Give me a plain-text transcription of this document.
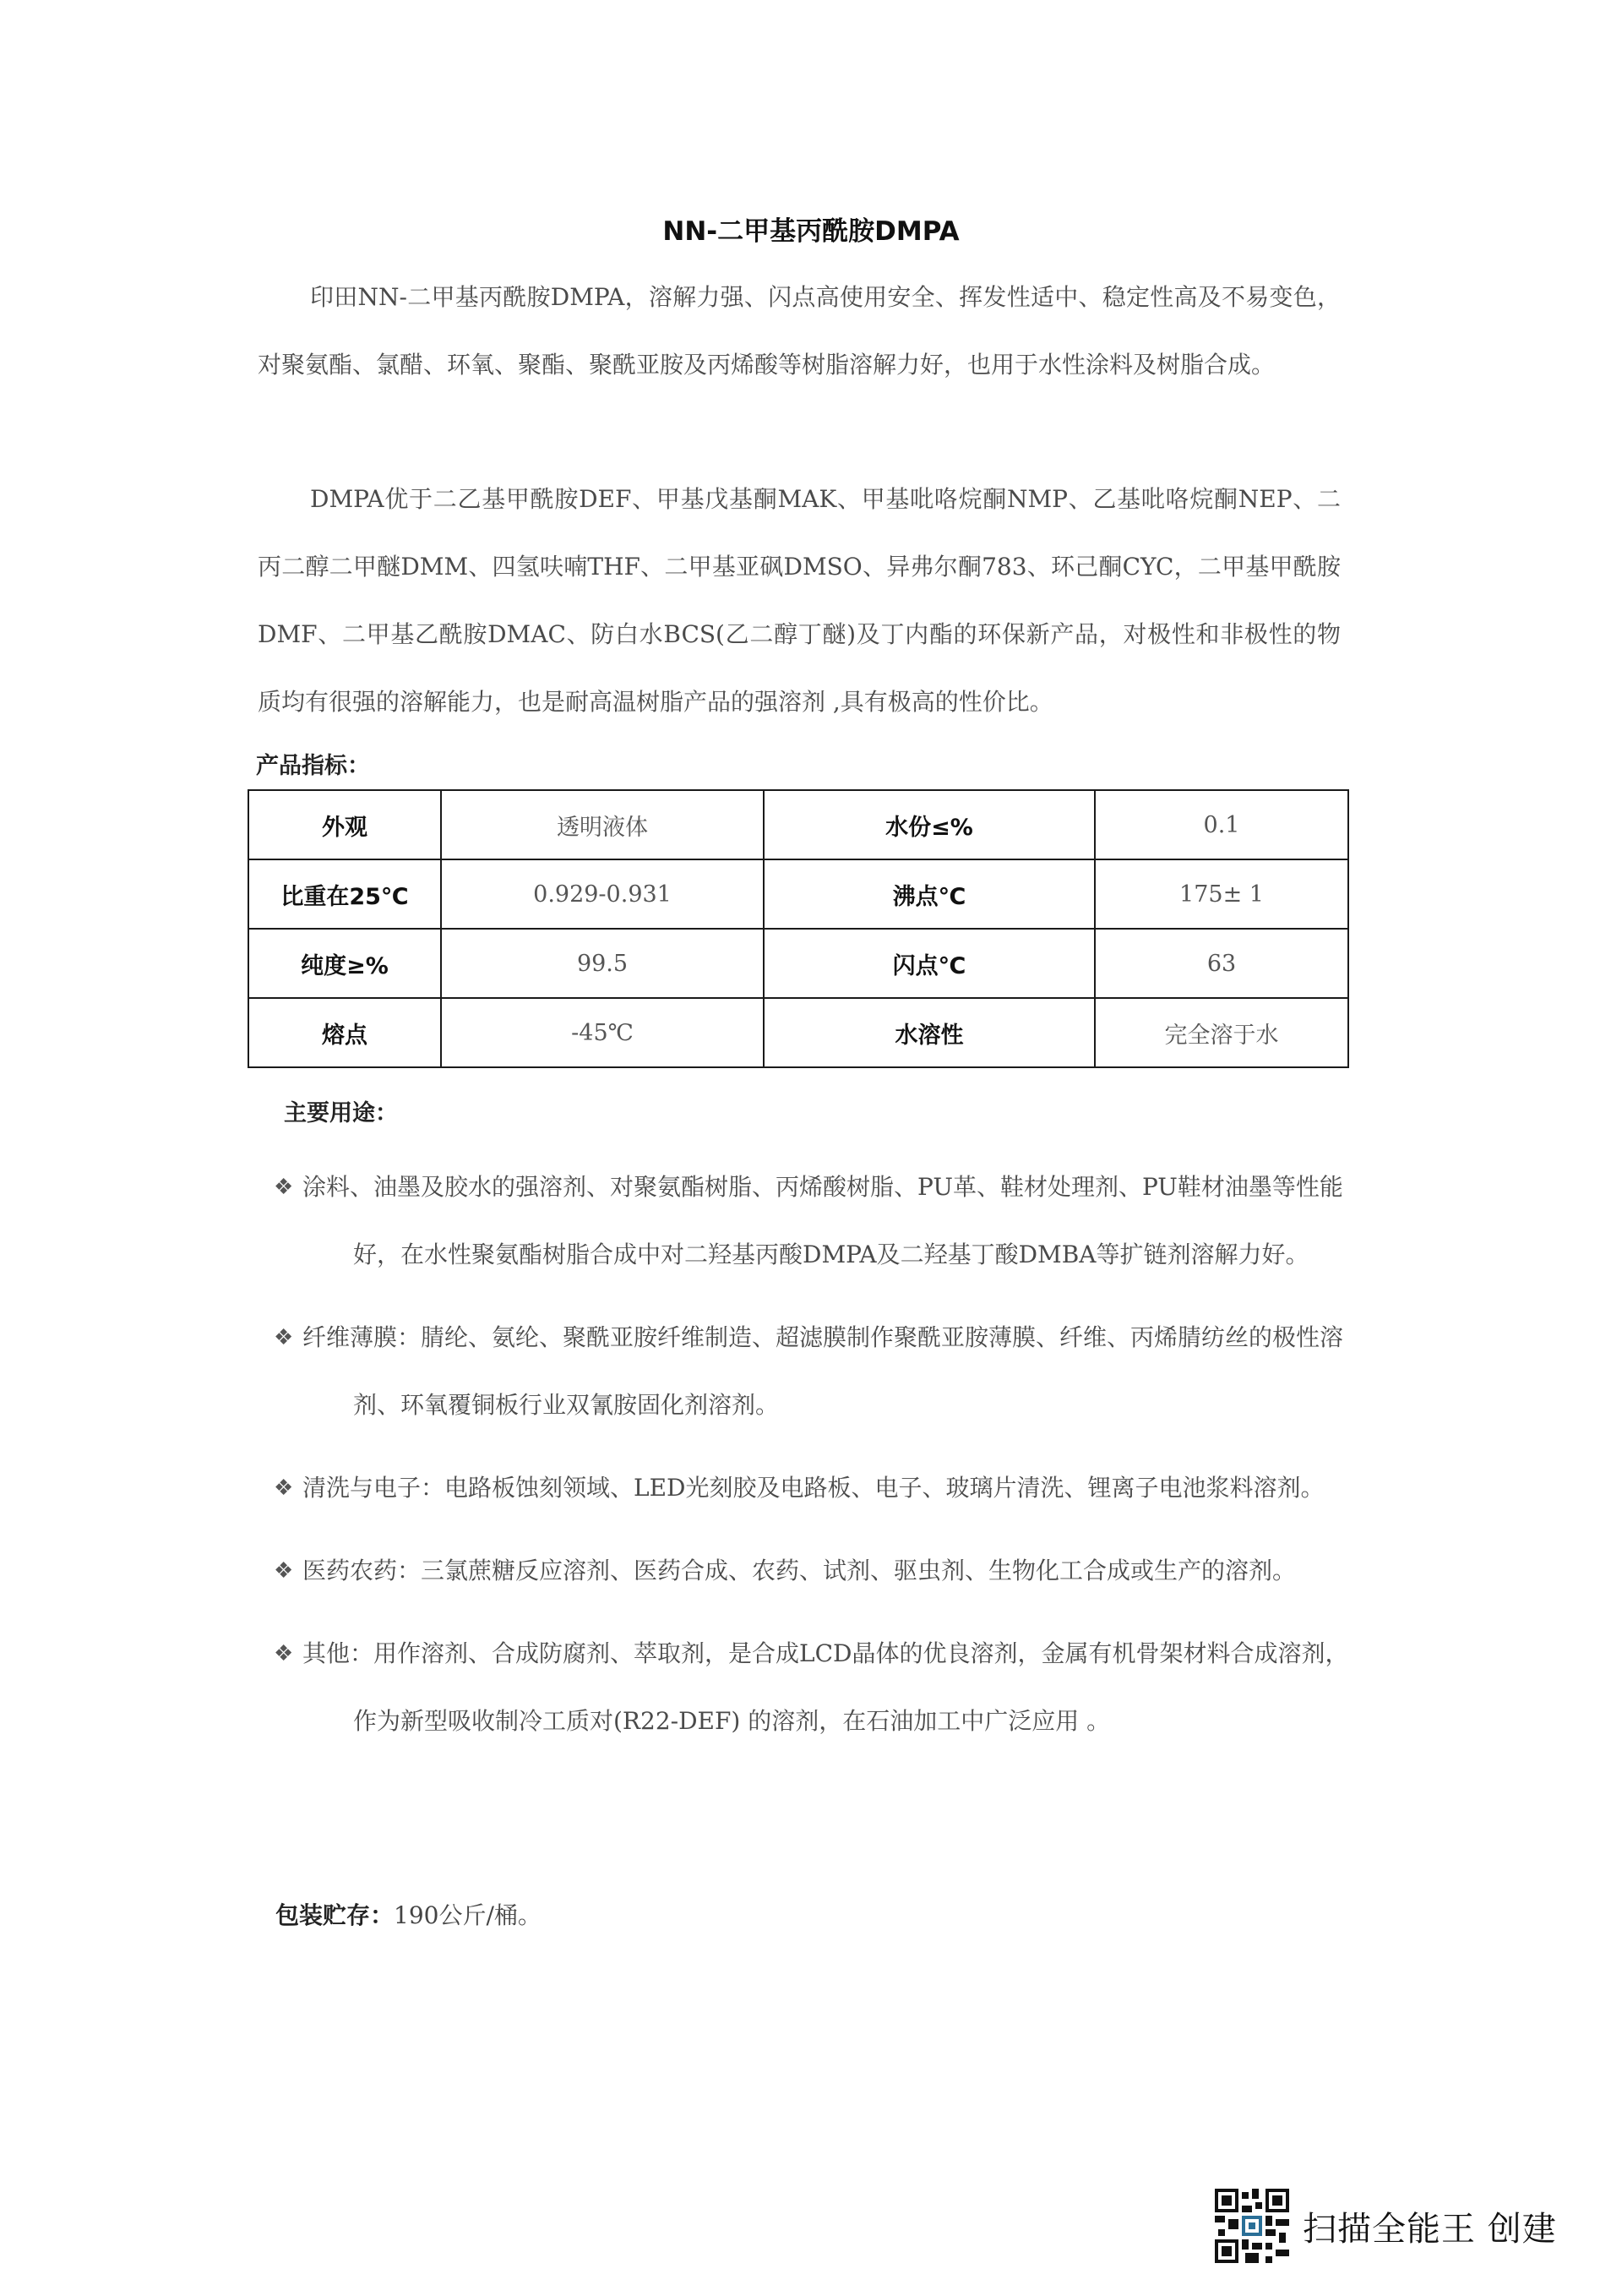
NN-二甲基丙酰胺DMPA

印田NN-二甲基丙酰胺DMPA，溶解力强、闪点高使用安全、挥发性适中、稳定性高及不易变色，对聚氨酯、氯醋、环氧、聚酯、聚酰亚胺及丙烯酸等树脂溶解力好，也用于水性涂料及树脂合成。

DMPA优于二乙基甲酰胺DEF、甲基戊基酮MAK、甲基吡咯烷酮NMP、乙基吡咯烷酮NEP、二丙二醇二甲醚DMM、四氢呋喃THF、二甲基亚砜DMSO、异弗尔酮783、环己酮CYC，二甲基甲酰胺DMF、二甲基乙酰胺DMAC、防白水BCS(乙二醇丁醚)及丁内酯的环保新产品，对极性和非极性的物质均有很强的溶解能力，也是耐高温树脂产品的强溶剂 ,具有极高的性价比。

产品指标：
外观	透明液体	水份≤%	0.1
比重在25℃	0.929-0.931	沸点℃	175± 1
纯度≥%	99.5	闪点℃	63
熔点	-45℃	水溶性	完全溶于水
主要用途：
❖ 涂料、油墨及胶水的强溶剂、对聚氨酯树脂、丙烯酸树脂、PU革、鞋材处理剂、PU鞋材油墨等性能好，在水性聚氨酯树脂合成中对二羟基丙酸DMPA及二羟基丁酸DMBA等扩链剂溶解力好。
❖ 纤维薄膜：腈纶、氨纶、聚酰亚胺纤维制造、超滤膜制作聚酰亚胺薄膜、纤维、丙烯腈纺丝的极性溶剂、环氧覆铜板行业双氰胺固化剂溶剂。
❖ 清洗与电子：电路板蚀刻领域、LED光刻胶及电路板、电子、玻璃片清洗、锂离子电池浆料溶剂。
❖ 医药农药：三氯蔗糖反应溶剂、医药合成、农药、试剂、驱虫剂、生物化工合成或生产的溶剂。
❖ 其他：用作溶剂、合成防腐剂、萃取剂，是合成LCD晶体的优良溶剂，金属有机骨架材料合成溶剂，作为新型吸收制冷工质对(R22-DEF) 的溶剂，在石油加工中广泛应用 。
包装贮存：190公斤/桶。
扫描全能王 创建
